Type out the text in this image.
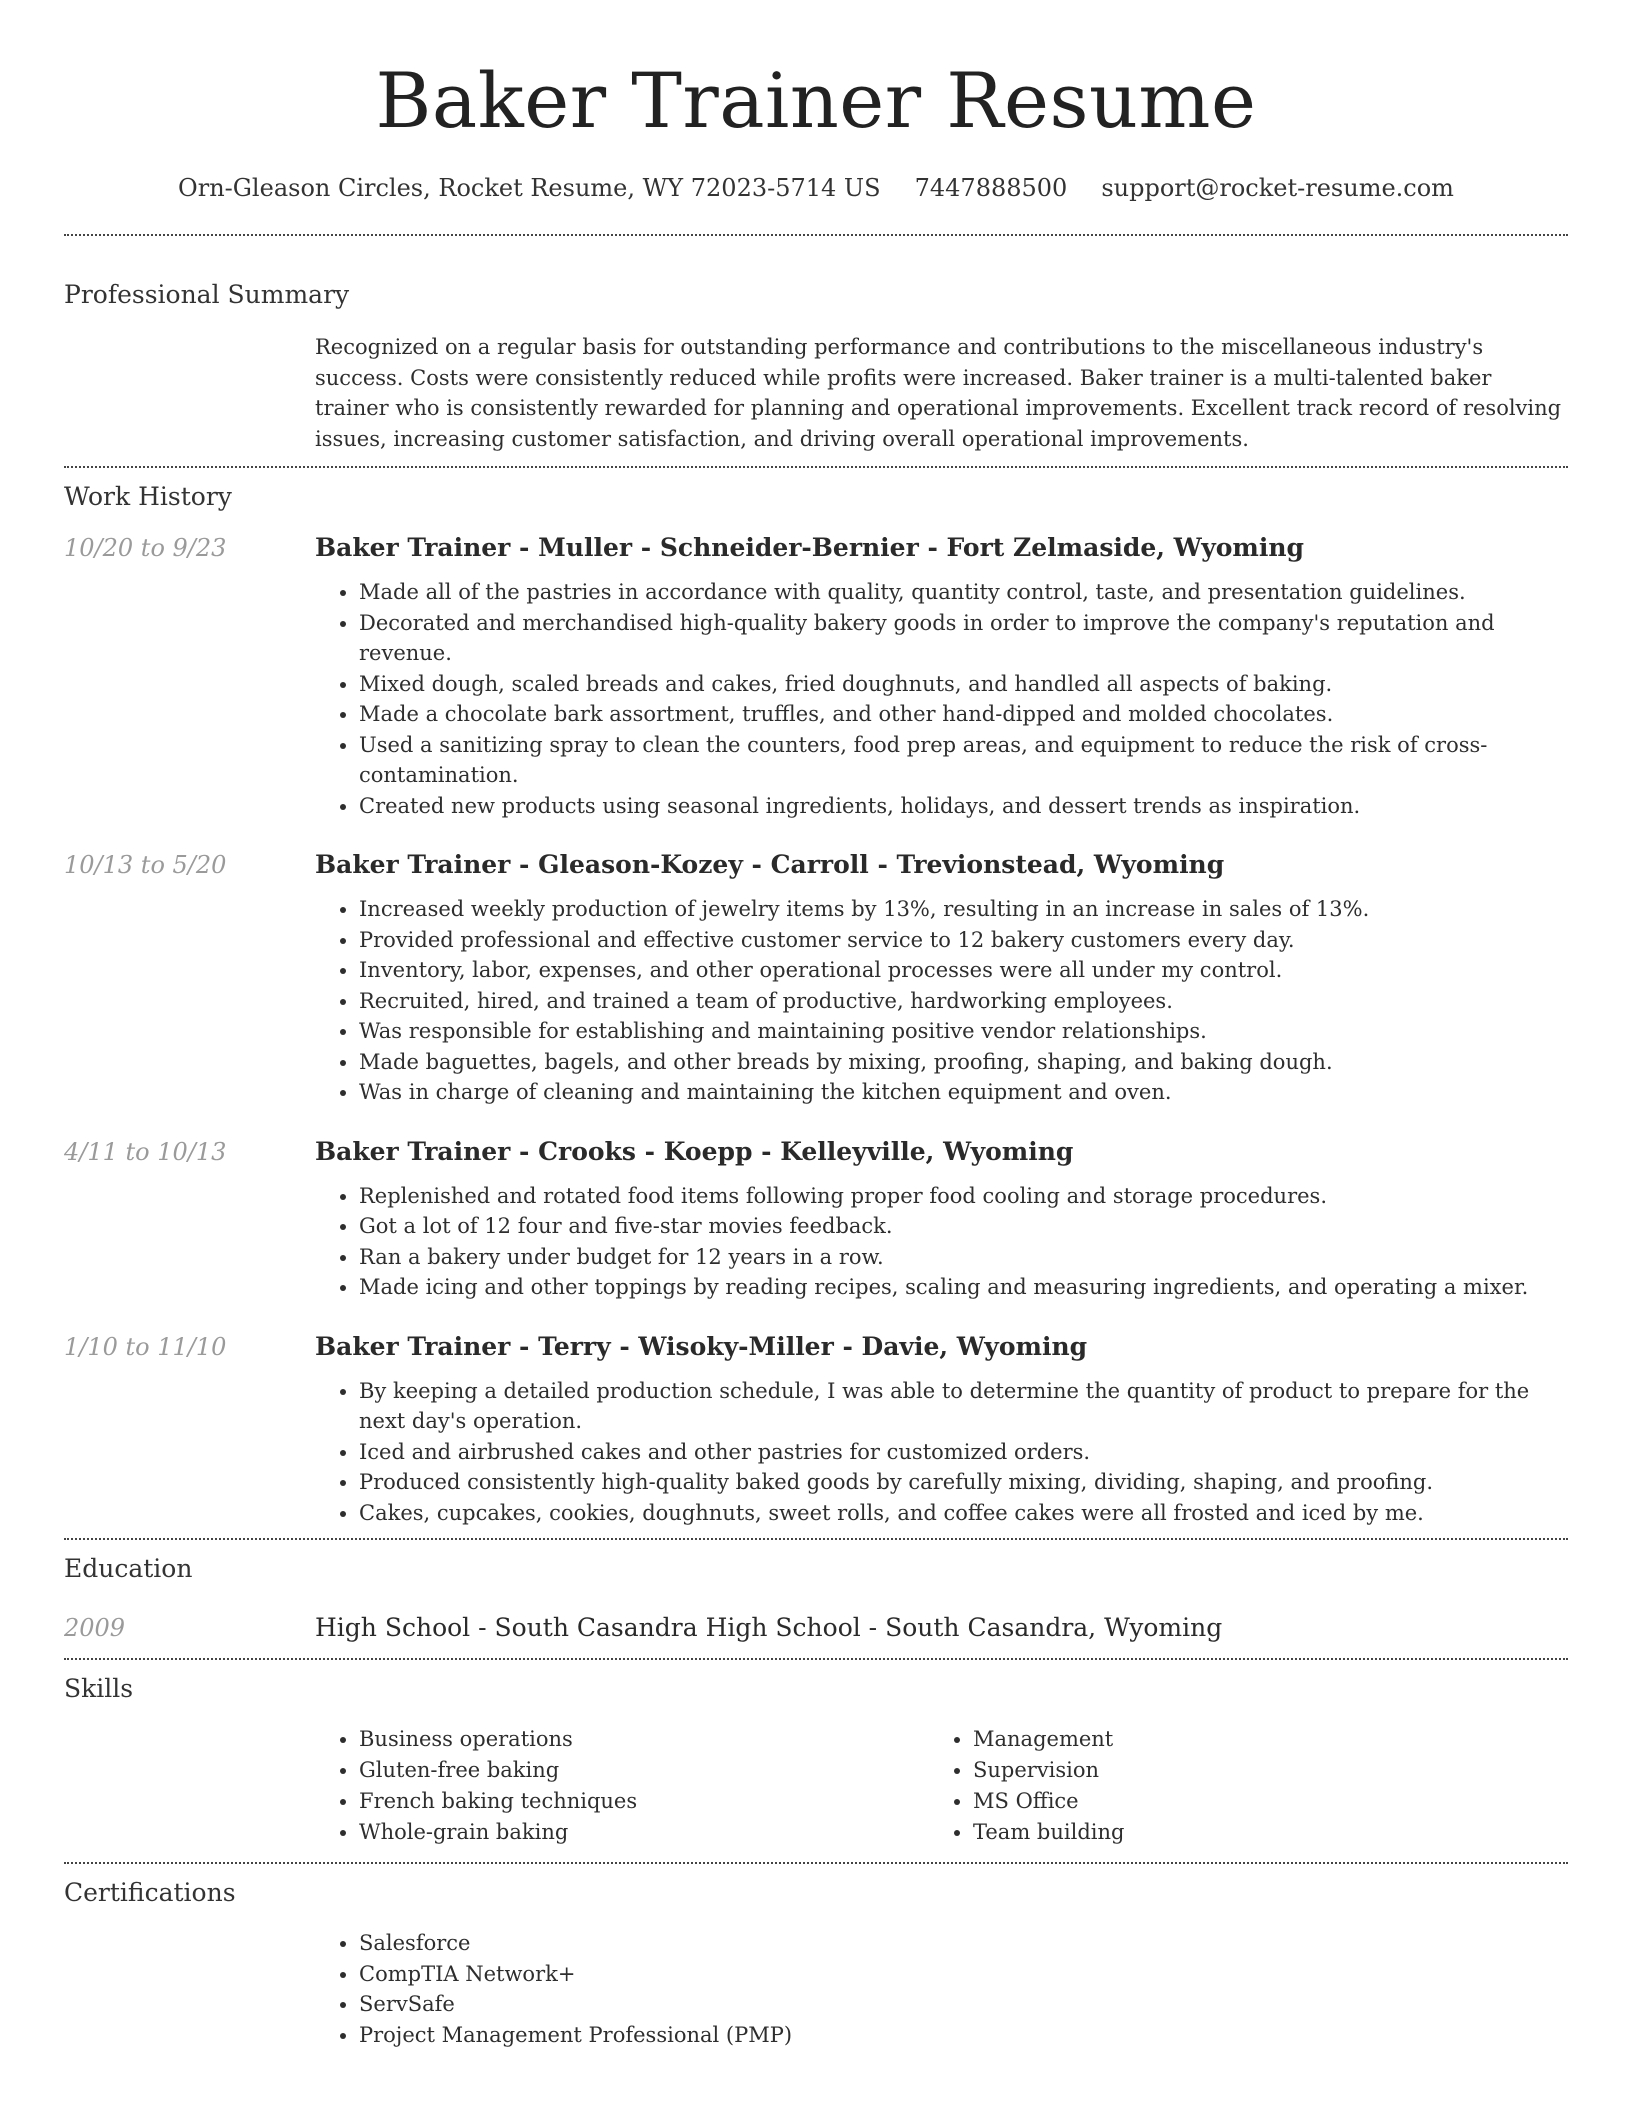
Baker Trainer Resume
Orn-Gleason Circles, Rocket Resume, WY 72023-5714 US 7447888500 support@rocket-resume.com
Professional Summary

Recognized on a regular basis for outstanding performance and contributions to the miscellaneous industry's success. Costs were consistently reduced while profits were increased. Baker trainer is a multi-talented baker trainer who is consistently rewarded for planning and operational improvements. Excellent track record of resolving issues, increasing customer satisfaction, and driving overall operational improvements.

Work History
10/20 to 9/23	Baker Trainer - Muller - Schneider-Bernier - Fort Zelmaside, Wyoming
• Made all of the pastries in accordance with quality, quantity control, taste, and presentation guidelines.
• Decorated and merchandised high-quality bakery goods in order to improve the company's reputation and revenue.
• Mixed dough, scaled breads and cakes, fried doughnuts, and handled all aspects of baking.
• Made a chocolate bark assortment, truffles, and other hand-dipped and molded chocolates.
• Used a sanitizing spray to clean the counters, food prep areas, and equipment to reduce the risk of cross-contamination.
• Created new products using seasonal ingredients, holidays, and dessert trends as inspiration.
10/13 to 5/20	Baker Trainer - Gleason-Kozey - Carroll - Trevionstead, Wyoming
• Increased weekly production of jewelry items by 13%, resulting in an increase in sales of 13%.
• Provided professional and effective customer service to 12 bakery customers every day.
• Inventory, labor, expenses, and other operational processes were all under my control.
• Recruited, hired, and trained a team of productive, hardworking employees.
• Was responsible for establishing and maintaining positive vendor relationships.
• Made baguettes, bagels, and other breads by mixing, proofing, shaping, and baking dough.
• Was in charge of cleaning and maintaining the kitchen equipment and oven.
4/11 to 10/13	Baker Trainer - Crooks - Koepp - Kelleyville, Wyoming
• Replenished and rotated food items following proper food cooling and storage procedures.
• Got a lot of 12 four and five-star movies feedback.
• Ran a bakery under budget for 12 years in a row.
• Made icing and other toppings by reading recipes, scaling and measuring ingredients, and operating a mixer.
1/10 to 11/10	Baker Trainer - Terry - Wisoky-Miller - Davie, Wyoming
• By keeping a detailed production schedule, I was able to determine the quantity of product to prepare for the next day's operation.
• Iced and airbrushed cakes and other pastries for customized orders.
• Produced consistently high-quality baked goods by carefully mixing, dividing, shaping, and proofing.
• Cakes, cupcakes, cookies, doughnuts, sweet rolls, and coffee cakes were all frosted and iced by me.
Education
2009	High School - South Casandra High School - South Casandra, Wyoming
Skills
• Business operations
• Gluten-free baking
• French baking techniques
• Whole-grain baking
• Management
• Supervision
• MS Office
• Team building
Certifications
• Salesforce
• CompTIA Network+
• ServSafe
• Project Management Professional (PMP)
